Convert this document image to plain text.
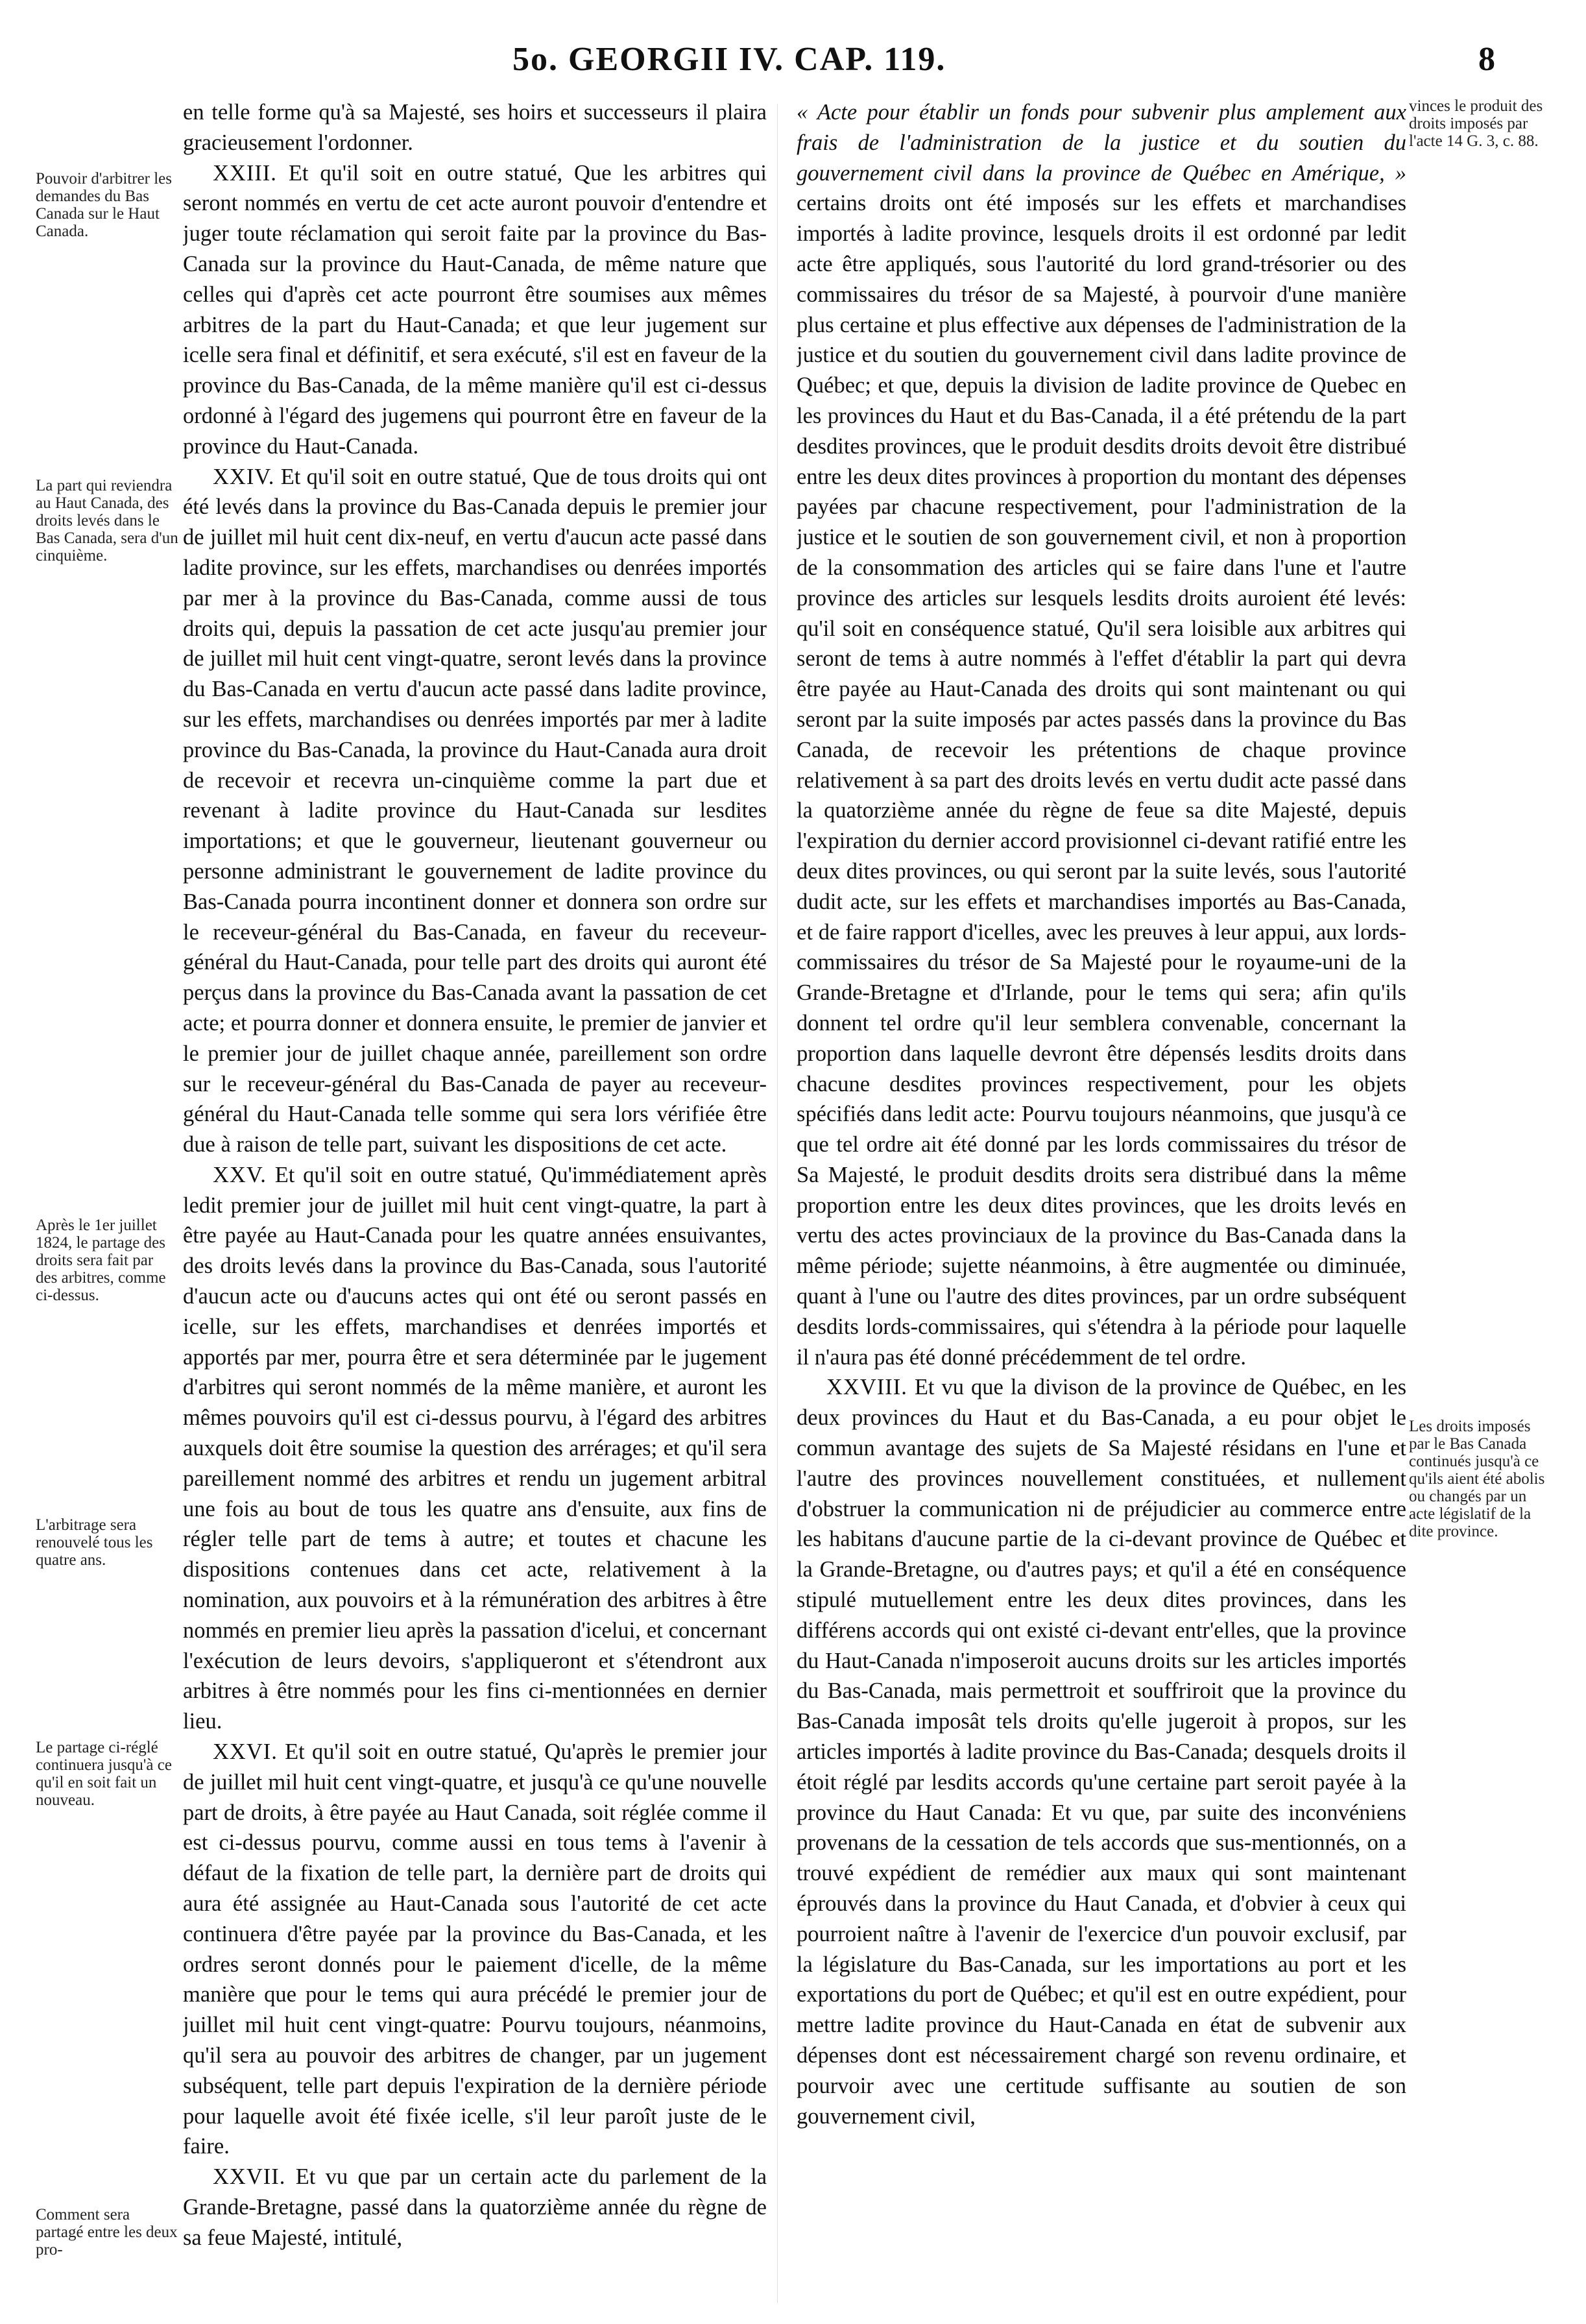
5o. GEORGII IV. CAP. 119.	8
Pouvoir d'arbitrer les demandes du Bas Canada sur le Haut Canada.
La part qui reviendra au Haut Canada, des droits levés dans le Bas Canada, sera d'un cinquième.
Après le 1er juillet 1824, le partage des droits sera fait par des arbitres, comme ci-dessus.
L'arbitrage sera renouvelé tous les quatre ans.
Le partage ci-réglé continuera jusqu'à ce qu'il en soit fait un nouveau.
Comment sera partagé entre les deux pro-
vinces le produit des droits imposés par l'acte 14 G. 3, c. 88.
Les droits imposés par le Bas Canada continués jusqu'à ce qu'ils aient été abolis ou changés par un acte législatif de la dite province.

en telle forme qu'à sa Majesté, ses hoirs et successeurs il plaira gracieusement l'ordonner.

XXIII. Et qu'il soit en outre statué, Que les arbitres qui seront nommés en vertu de cet acte auront pouvoir d'entendre et juger toute réclamation qui seroit faite par la province du Bas-Canada sur la province du Haut-Canada, de même nature que celles qui d'après cet acte pourront être soumises aux mêmes arbitres de la part du Haut-Canada; et que leur jugement sur icelle sera final et définitif, et sera exécuté, s'il est en faveur de la province du Bas-Canada, de la même manière qu'il est ci-dessus ordonné à l'égard des jugemens qui pourront être en faveur de la province du Haut-Canada.

XXIV. Et qu'il soit en outre statué, Que de tous droits qui ont été levés dans la province du Bas-Canada depuis le premier jour de juillet mil huit cent dix-neuf, en vertu d'aucun acte passé dans ladite province, sur les effets, marchandises ou denrées importés par mer à la province du Bas-Canada, comme aussi de tous droits qui, depuis la passation de cet acte jusqu'au premier jour de juillet mil huit cent vingt-quatre, seront levés dans la province du Bas-Canada en vertu d'aucun acte passé dans ladite province, sur les effets, marchandises ou denrées importés par mer à ladite province du Bas-Canada, la province du Haut-Canada aura droit de recevoir et recevra un-cinquième comme la part due et revenant à ladite province du Haut-Canada sur lesdites importations; et que le gouverneur, lieutenant gouverneur ou personne administrant le gouvernement de ladite province du Bas-Canada pourra incontinent donner et donnera son ordre sur le receveur-général du Bas-Canada, en faveur du receveur-général du Haut-Canada, pour telle part des droits qui auront été perçus dans la province du Bas-Canada avant la passation de cet acte; et pourra donner et donnera ensuite, le premier de janvier et le premier jour de juillet chaque année, pareillement son ordre sur le receveur-général du Bas-Canada de payer au receveur-général du Haut-Canada telle somme qui sera lors vérifiée être due à raison de telle part, suivant les dispositions de cet acte.

XXV. Et qu'il soit en outre statué, Qu'immédiatement après ledit premier jour de juillet mil huit cent vingt-quatre, la part à être payée au Haut-Canada pour les quatre années ensuivantes, des droits levés dans la province du Bas-Canada, sous l'autorité d'aucun acte ou d'aucuns actes qui ont été ou seront passés en icelle, sur les effets, marchandises et denrées importés et apportés par mer, pourra être et sera déterminée par le jugement d'arbitres qui seront nommés de la même manière, et auront les mêmes pouvoirs qu'il est ci-dessus pourvu, à l'égard des arbitres auxquels doit être soumise la question des arrérages; et qu'il sera pareillement nommé des arbitres et rendu un jugement arbitral une fois au bout de tous les quatre ans d'ensuite, aux fins de régler telle part de tems à autre; et toutes et chacune les dispositions contenues dans cet acte, relativement à la nomination, aux pouvoirs et à la rémunération des arbitres à être nommés en premier lieu après la passation d'icelui, et concernant l'exécution de leurs devoirs, s'appliqueront et s'étendront aux arbitres à être nommés pour les fins ci-mentionnées en dernier lieu.

XXVI. Et qu'il soit en outre statué, Qu'après le premier jour de juillet mil huit cent vingt-quatre, et jusqu'à ce qu'une nouvelle part de droits, à être payée au Haut Canada, soit réglée comme il est ci-dessus pourvu, comme aussi en tous tems à l'avenir à défaut de la fixation de telle part, la dernière part de droits qui aura été assignée au Haut-Canada sous l'autorité de cet acte continuera d'être payée par la province du Bas-Canada, et les ordres seront donnés pour le paiement d'icelle, de la même manière que pour le tems qui aura précédé le premier jour de juillet mil huit cent vingt-quatre: Pourvu toujours, néanmoins, qu'il sera au pouvoir des arbitres de changer, par un jugement subséquent, telle part depuis l'expiration de la dernière période pour laquelle avoit été fixée icelle, s'il leur paroît juste de le faire.

XXVII. Et vu que par un certain acte du parlement de la Grande-Bretagne, passé dans la quatorzième année du règne de sa feue Majesté, intitulé,

« Acte pour établir un fonds pour subvenir plus amplement aux frais de l'administration de la justice et du soutien du gouvernement civil dans la province de Québec en Amérique, » certains droits ont été imposés sur les effets et marchandises importés à ladite province, lesquels droits il est ordonné par ledit acte être appliqués, sous l'autorité du lord grand-trésorier ou des commissaires du trésor de sa Majesté, à pourvoir d'une manière plus certaine et plus effective aux dépenses de l'administration de la justice et du soutien du gouvernement civil dans ladite province de Québec; et que, depuis la division de ladite province de Quebec en les provinces du Haut et du Bas-Canada, il a été prétendu de la part desdites provinces, que le produit desdits droits devoit être distribué entre les deux dites provinces à proportion du montant des dépenses payées par chacune respectivement, pour l'administration de la justice et le soutien de son gouvernement civil, et non à proportion de la consommation des articles qui se faire dans l'une et l'autre province des articles sur lesquels lesdits droits auroient été levés: qu'il soit en conséquence statué, Qu'il sera loisible aux arbitres qui seront de tems à autre nommés à l'effet d'établir la part qui devra être payée au Haut-Canada des droits qui sont maintenant ou qui seront par la suite imposés par actes passés dans la province du Bas Canada, de recevoir les prétentions de chaque province relativement à sa part des droits levés en vertu dudit acte passé dans la quatorzième année du règne de feue sa dite Majesté, depuis l'expiration du dernier accord provisionnel ci-devant ratifié entre les deux dites provinces, ou qui seront par la suite levés, sous l'autorité dudit acte, sur les effets et marchandises importés au Bas-Canada, et de faire rapport d'icelles, avec les preuves à leur appui, aux lords-commissaires du trésor de Sa Majesté pour le royaume-uni de la Grande-Bretagne et d'Irlande, pour le tems qui sera; afin qu'ils donnent tel ordre qu'il leur semblera convenable, concernant la proportion dans laquelle devront être dépensés lesdits droits dans chacune desdites provinces respectivement, pour les objets spécifiés dans ledit acte: Pourvu toujours néanmoins, que jusqu'à ce que tel ordre ait été donné par les lords commissaires du trésor de Sa Majesté, le produit desdits droits sera distribué dans la même proportion entre les deux dites provinces, que les droits levés en vertu des actes provinciaux de la province du Bas-Canada dans la même période; sujette néanmoins, à être augmentée ou diminuée, quant à l'une ou l'autre des dites provinces, par un ordre subséquent desdits lords-commissaires, qui s'étendra à la période pour laquelle il n'aura pas été donné précédemment de tel ordre.

XXVIII. Et vu que la divison de la province de Québec, en les deux provinces du Haut et du Bas-Canada, a eu pour objet le commun avantage des sujets de Sa Majesté résidans en l'une et l'autre des provinces nouvellement constituées, et nullement d'obstruer la communication ni de préjudicier au commerce entre les habitans d'aucune partie de la ci-devant province de Québec et la Grande-Bretagne, ou d'autres pays; et qu'il a été en conséquence stipulé mutuellement entre les deux dites provinces, dans les différens accords qui ont existé ci-devant entr'elles, que la province du Haut-Canada n'imposeroit aucuns droits sur les articles importés du Bas-Canada, mais permettroit et souffriroit que la province du Bas-Canada imposât tels droits qu'elle jugeroit à propos, sur les articles importés à ladite province du Bas-Canada; desquels droits il étoit réglé par lesdits accords qu'une certaine part seroit payée à la province du Haut Canada: Et vu que, par suite des inconvéniens provenans de la cessation de tels accords que sus-mentionnés, on a trouvé expédient de remédier aux maux qui sont maintenant éprouvés dans la province du Haut Canada, et d'obvier à ceux qui pourroient naître à l'avenir de l'exercice d'un pouvoir exclusif, par la législature du Bas-Canada, sur les importations au port et les exportations du port de Québec; et qu'il est en outre expédient, pour mettre ladite province du Haut-Canada en état de subvenir aux dépenses dont est nécessairement chargé son revenu ordinaire, et pourvoir avec une certitude suffisante au soutien de son gouvernement civil,
